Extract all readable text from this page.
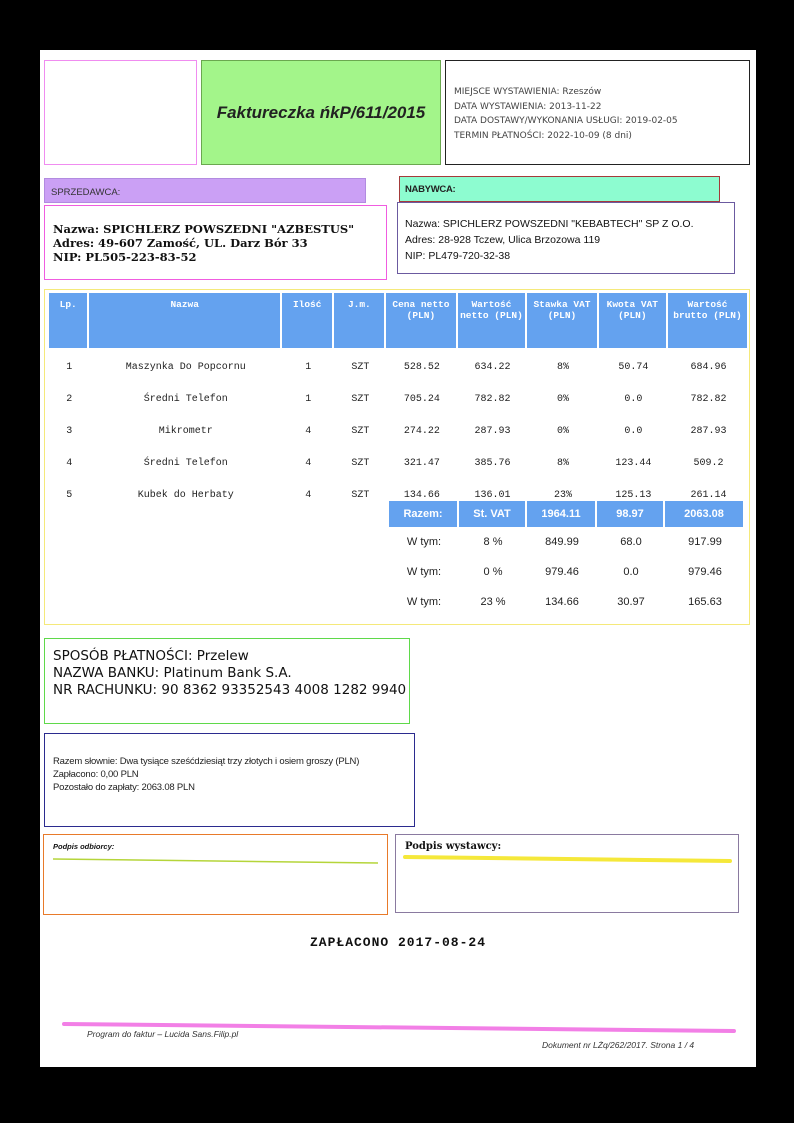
Faktureczka ńkP/611/2015
MIEJSCE WYSTAWIENIA: Rzeszów
DATA WYSTAWIENIA: 2013-11-22
DATA DOSTAWY/WYKONANIA USŁUGI: 2019-02-05
TERMIN PŁATNOŚCI: 2022-10-09 (8 dni)
SPRZEDAWCA:	NABYWCA:
Nazwa: SPICHLERZ POWSZEDNI "AZBESTUS"
Adres: 49-607 Zamość, UL. Darz Bór 33
NIP: PL505-223-83-52
Nazwa: SPICHLERZ POWSZEDNI "KEBABTECH" SP Z O.O.
Adres: 28-928 Tczew, Ulica Brzozowa 119
NIP: PL479-720-32-38
Lp.	Nazwa	Ilość	J.m.	Cena netto (PLN)	Wartość netto (PLN)	Stawka VAT (PLN)	Kwota VAT (PLN)	Wartość brutto (PLN)
1	Maszynka Do Popcornu	1	SZT	528.52	634.22	8%	50.74	684.96
2	Średni Telefon	1	SZT	705.24	782.82	0%	0.0	782.82
3	Mikrometr	4	SZT	274.22	287.93	0%	0.0	287.93
4	Średni Telefon	4	SZT	321.47	385.76	8%	123.44	509.2
5	Kubek do Herbaty	4	SZT	134.66	136.01	23%	125.13	261.14
Razem:	St. VAT	1964.11	98.97	2063.08
W tym:	8 %	849.99	68.0	917.99
W tym:	0 %	979.46	0.0	979.46
W tym:	23 %	134.66	30.97	165.63
SPOSÓB PŁATNOŚCI: Przelew
NAZWA BANKU: Platinum Bank S.A.
NR RACHUNKU: 90 8362 93352543 4008 1282 9940
Razem słownie: Dwa tysiące sześćdziesiąt trzy złotych i osiem groszy (PLN)
Zapłacono: 0,00 PLN
Pozostało do zapłaty: 2063.08 PLN
Podpis odbiorcy:	Podpis wystawcy:
ZAPŁACONO 2017-08-24
Program do faktur – Lucida Sans.Filip.pl
Dokument nr LŻq/262/2017. Strona 1 / 4
